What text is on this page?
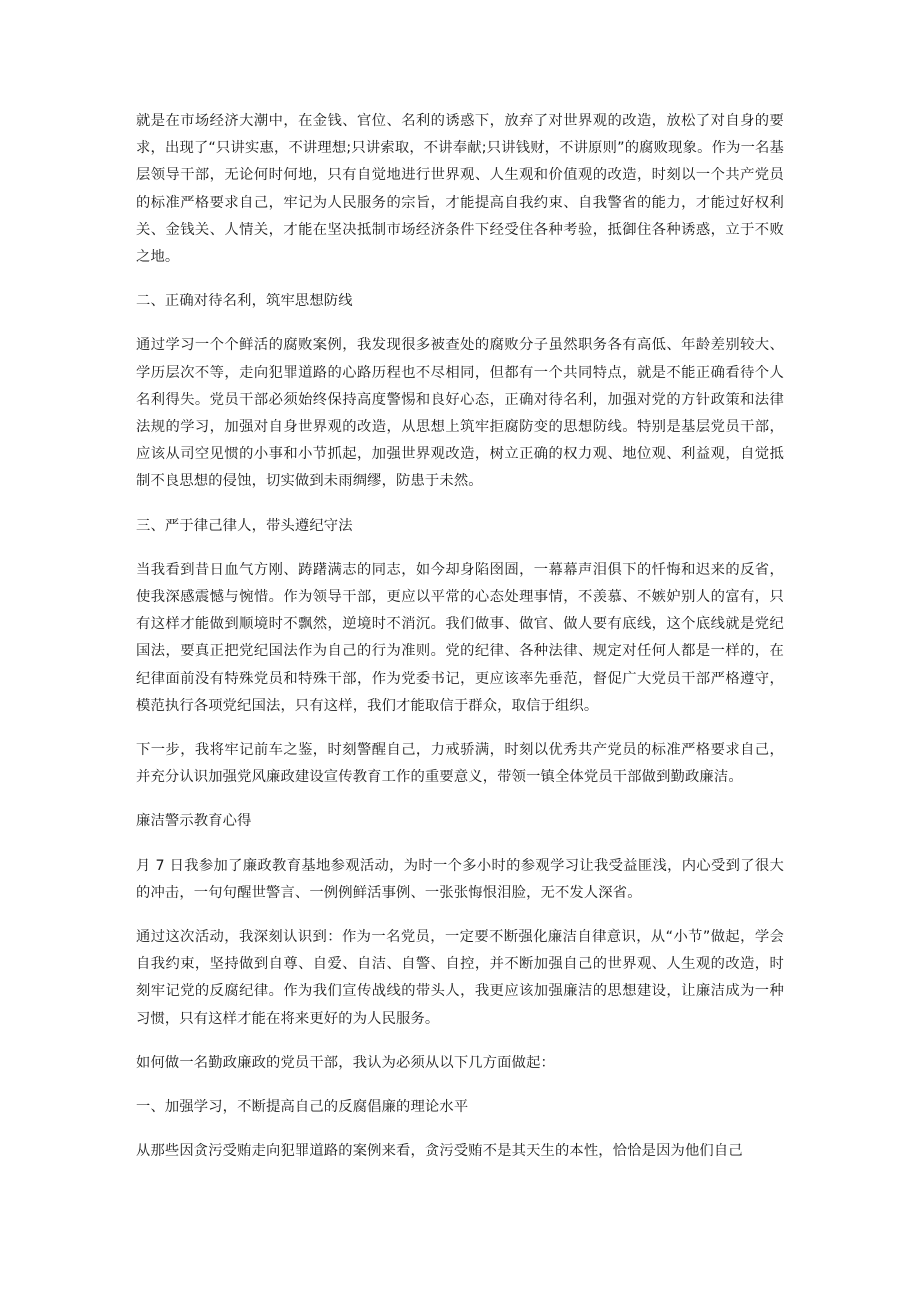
就是在市场经济大潮中，在金钱、官位、名利的诱惑下，放弃了对世界观的改造，放松了对自身的要求，出现了“只讲实惠，不讲理想;只讲索取，不讲奉献;只讲钱财，不讲原则”的腐败现象。作为一名基层领导干部，无论何时何地，只有自觉地进行世界观、人生观和价值观的改造，时刻以一个共产党员的标准严格要求自己，牢记为人民服务的宗旨，才能提高自我约束、自我警省的能力，才能过好权利关、金钱关、人情关，才能在坚决抵制市场经济条件下经受住各种考验，抵御住各种诱惑，立于不败之地。

二、正确对待名利，筑牢思想防线

通过学习一个个鲜活的腐败案例，我发现很多被查处的腐败分子虽然职务各有高低、年龄差别较大、学历层次不等，走向犯罪道路的心路历程也不尽相同，但都有一个共同特点，就是不能正确看待个人名利得失。党员干部必须始终保持高度警惕和良好心态，正确对待名利，加强对党的方针政策和法律法规的学习，加强对自身世界观的改造，从思想上筑牢拒腐防变的思想防线。特别是基层党员干部，应该从司空见惯的小事和小节抓起，加强世界观改造，树立正确的权力观、地位观、利益观，自觉抵制不良思想的侵蚀，切实做到未雨绸缪，防患于未然。

三、严于律己律人，带头遵纪守法

当我看到昔日血气方刚、踌躇满志的同志，如今却身陷囹圄，一幕幕声泪俱下的忏悔和迟来的反省，使我深感震憾与惋惜。作为领导干部，更应以平常的心态处理事情，不羡慕、不嫉妒别人的富有，只有这样才能做到顺境时不飘然，逆境时不消沉。我们做事、做官、做人要有底线，这个底线就是党纪国法，要真正把党纪国法作为自己的行为准则。党的纪律、各种法律、规定对任何人都是一样的，在纪律面前没有特殊党员和特殊干部，作为党委书记，更应该率先垂范，督促广大党员干部严格遵守，模范执行各项党纪国法，只有这样，我们才能取信于群众，取信于组织。

下一步，我将牢记前车之鉴，时刻警醒自己，力戒骄满，时刻以优秀共产党员的标准严格要求自己，并充分认识加强党风廉政建设宣传教育工作的重要意义，带领一镇全体党员干部做到勤政廉洁。

廉洁警示教育心得

月 7 日我参加了廉政教育基地参观活动，为时一个多小时的参观学习让我受益匪浅，内心受到了很大的冲击，一句句醒世警言、一例例鲜活事例、一张张悔恨泪脸，无不发人深省。

通过这次活动，我深刻认识到：作为一名党员，一定要不断强化廉洁自律意识，从“小节”做起，学会自我约束，坚持做到自尊、自爱、自洁、自警、自控，并不断加强自己的世界观、人生观的改造，时刻牢记党的反腐纪律。作为我们宣传战线的带头人，我更应该加强廉洁的思想建设，让廉洁成为一种习惯，只有这样才能在将来更好的为人民服务。

如何做一名勤政廉政的党员干部，我认为必须从以下几方面做起：

一、加强学习，不断提高自己的反腐倡廉的理论水平

从那些因贪污受贿走向犯罪道路的案例来看，贪污受贿不是其天生的本性，恰恰是因为他们自己
